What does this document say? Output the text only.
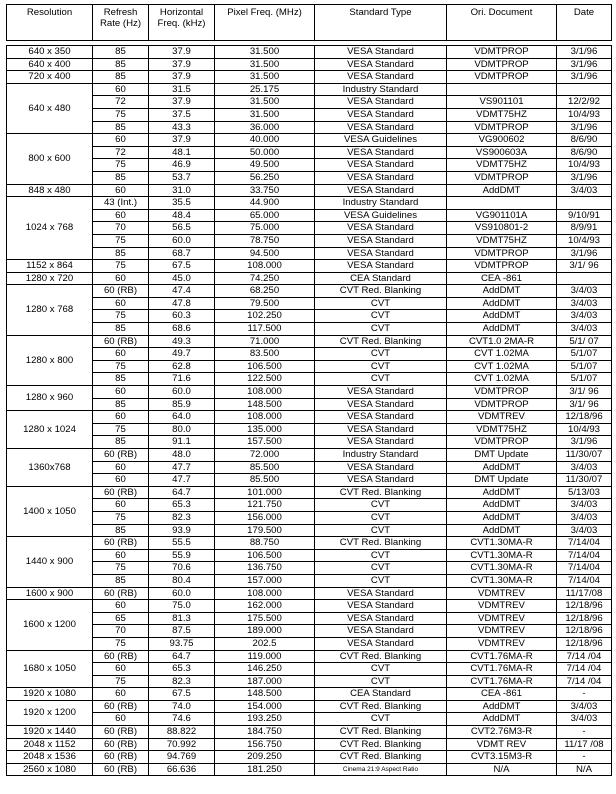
Resolution	Refresh Rate (Hz)	Horizontal Freq. (kHz)	Pixel Freq. (MHz)	Standard Type	Ori. Document	Date

640 x 350	85	37.9	31.500	VESA Standard	VDMTPROP	3/1/96
640 x 400	85	37.9	31.500	VESA Standard	VDMTPROP	3/1/96
720 x 400	85	37.9	31.500	VESA Standard	VDMTPROP	3/1/96
640 x 480	60	31.5	25.175	Industry Standard		
	72	37.9	31.500	VESA Standard	VS901101	12/2/92
	75	37.5	31.500	VESA Standard	VDMT75HZ	10/4/93
	85	43.3	36.000	VESA Standard	VDMTPROP	3/1/96
800 x 600	60	37.9	40.000	VESA Guidelines	VG900602	8/6/90
	72	48.1	50.000	VESA Standard	VS900603A	8/6/90
	75	46.9	49.500	VESA Standard	VDMT75HZ	10/4/93
	85	53.7	56.250	VESA Standard	VDMTPROP	3/1/96
848 x 480	60	31.0	33.750	VESA Standard	AddDMT	3/4/03
1024 x 768	43 (Int.)	35.5	44.900	Industry Standard		
	60	48.4	65.000	VESA Guidelines	VG901101A	9/10/91
	70	56.5	75.000	VESA Standard	VS910801-2	8/9/91
	75	60.0	78.750	VESA Standard	VDMT75HZ	10/4/93
	85	68.7	94.500	VESA Standard	VDMTPROP	3/1/96
1152 x 864	75	67.5	108.000	VESA Standard	VDMTPROP	3/1/ 96
1280 x 720	60	45.0	74.250	CEA Standard	CEA -861	
1280 x 768	60 (RB)	47.4	68.250	CVT Red. Blanking	AddDMT	3/4/03
	60	47.8	79.500	CVT	AddDMT	3/4/03
	75	60.3	102.250	CVT	AddDMT	3/4/03
	85	68.6	117.500	CVT	AddDMT	3/4/03
1280 x 800	60 (RB)	49.3	71.000	CVT Red. Blanking	CVT1.0 2MA-R	5/1/ 07
	60	49.7	83.500	CVT	CVT 1.02MA	5/1/07
	75	62.8	106.500	CVT	CVT 1.02MA	5/1/07
	85	71.6	122.500	CVT	CVT 1.02MA	5/1/07
1280 x 960	60	60.0	108.000	VESA Standard	VDMTPROP	3/1/ 96
	85	85.9	148.500	VESA Standard	VDMTPROP	3/1/ 96
1280 x 1024	60	64.0	108.000	VESA Standard	VDMTREV	12/18/96
	75	80.0	135.000	VESA Standard	VDMT75HZ	10/4/93
	85	91.1	157.500	VESA Standard	VDMTPROP	3/1/96
1360x768	60 (RB)	48.0	72.000	Industry Standard	DMT Update	11/30/07
	60	47.7	85.500	VESA Standard	AddDMT	3/4/03
	60	47.7	85.500	VESA Standard	DMT Update	11/30/07
1400 x 1050	60 (RB)	64.7	101.000	CVT Red. Blanking	AddDMT	5/13/03
	60	65.3	121.750	CVT	AddDMT	3/4/03
	75	82.3	156.000	CVT	AddDMT	3/4/03
	85	93.9	179.500	CVT	AddDMT	3/4/03
1440 x 900	60 (RB)	55.5	88.750	CVT Red. Blanking	CVT1.30MA-R	7/14/04
	60	55.9	106.500	CVT	CVT1.30MA-R	7/14/04
	75	70.6	136.750	CVT	CVT1.30MA-R	7/14/04
	85	80.4	157.000	CVT	CVT1.30MA-R	7/14/04
1600 x 900	60 (RB)	60.0	108.000	VESA Standard	VDMTREV	11/17/08
1600 x 1200	60	75.0	162.000	VESA Standard	VDMTREV	12/18/96
	65	81.3	175.500	VESA Standard	VDMTREV	12/18/96
	70	87.5	189.000	VESA Standard	VDMTREV	12/18/96
	75	93.75	202.5	VESA Standard	VDMTREV	12/18/96
1680 x 1050	60 (RB)	64.7	119.000	CVT Red. Blanking	CVT1.76MA-R	7/14 /04
	60	65.3	146.250	CVT	CVT1.76MA-R	7/14 /04
	75	82.3	187.000	CVT	CVT1.76MA-R	7/14 /04
1920 x 1080	60	67.5	148.500	CEA Standard	CEA -861	-
1920 x 1200	60 (RB)	74.0	154.000	CVT Red. Blanking	AddDMT	3/4/03
	60	74.6	193.250	CVT	AddDMT	3/4/03
1920 x 1440	60 (RB)	88.822	184.750	CVT Red. Blanking	CVT2.76M3-R	-
2048 x 1152	60 (RB)	70.992	156.750	CVT Red. Blanking	VDMT REV	11/17 /08
2048 x 1536	60 (RB)	94.769	209.250	CVT Red. Blanking	CVT3.15M3-R	-
2560 x 1080	60 (RB)	66.636	181.250	Cinema 21:9 Aspect Ratio	N/A	N/A
